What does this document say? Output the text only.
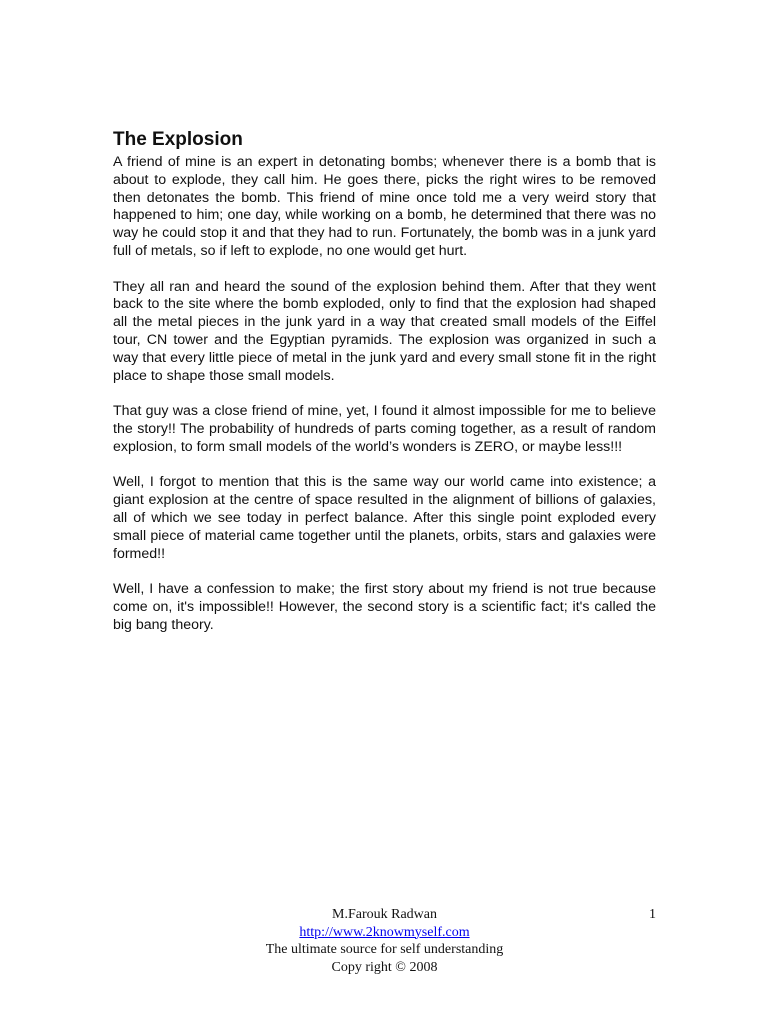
The Explosion

A friend of mine is an expert in detonating bombs; whenever there is a bomb that is about to explode, they call him. He goes there, picks the right wires to be removed then detonates the bomb. This friend of mine once told me a very weird story that happened to him; one day, while working on a bomb, he determined that there was no way he could stop it and that they had to run. Fortunately, the bomb was in a junk yard full of metals, so if left to explode, no one would get hurt.

They all ran and heard the sound of the explosion behind them. After that they went back to the site where the bomb exploded, only to find that the explosion had shaped all the metal pieces in the junk yard in a way that created small models of the Eiffel tour, CN tower and the Egyptian pyramids. The explosion was organized in such a way that every little piece of metal in the junk yard and every small stone fit in the right place to shape those small models.

That guy was a close friend of mine, yet, I found it almost impossible for me to believe the story!! The probability of hundreds of parts coming together, as a result of random explosion, to form small models of the world’s wonders is ZERO, or maybe less!!!

Well, I forgot to mention that this is the same way our world came into existence; a giant explosion at the centre of space resulted in the alignment of billions of galaxies, all of which we see today in perfect balance. After this single point exploded every small piece of material came together until the planets, orbits, stars and galaxies were formed!!

Well, I have a confession to make; the first story about my friend is not true because come on, it's impossible!! However, the second story is a scientific fact; it's called the big bang theory.

M.Farouk Radwan
http://www.2knowmyself.com
The ultimate source for self understanding
Copy right © 2008
1
